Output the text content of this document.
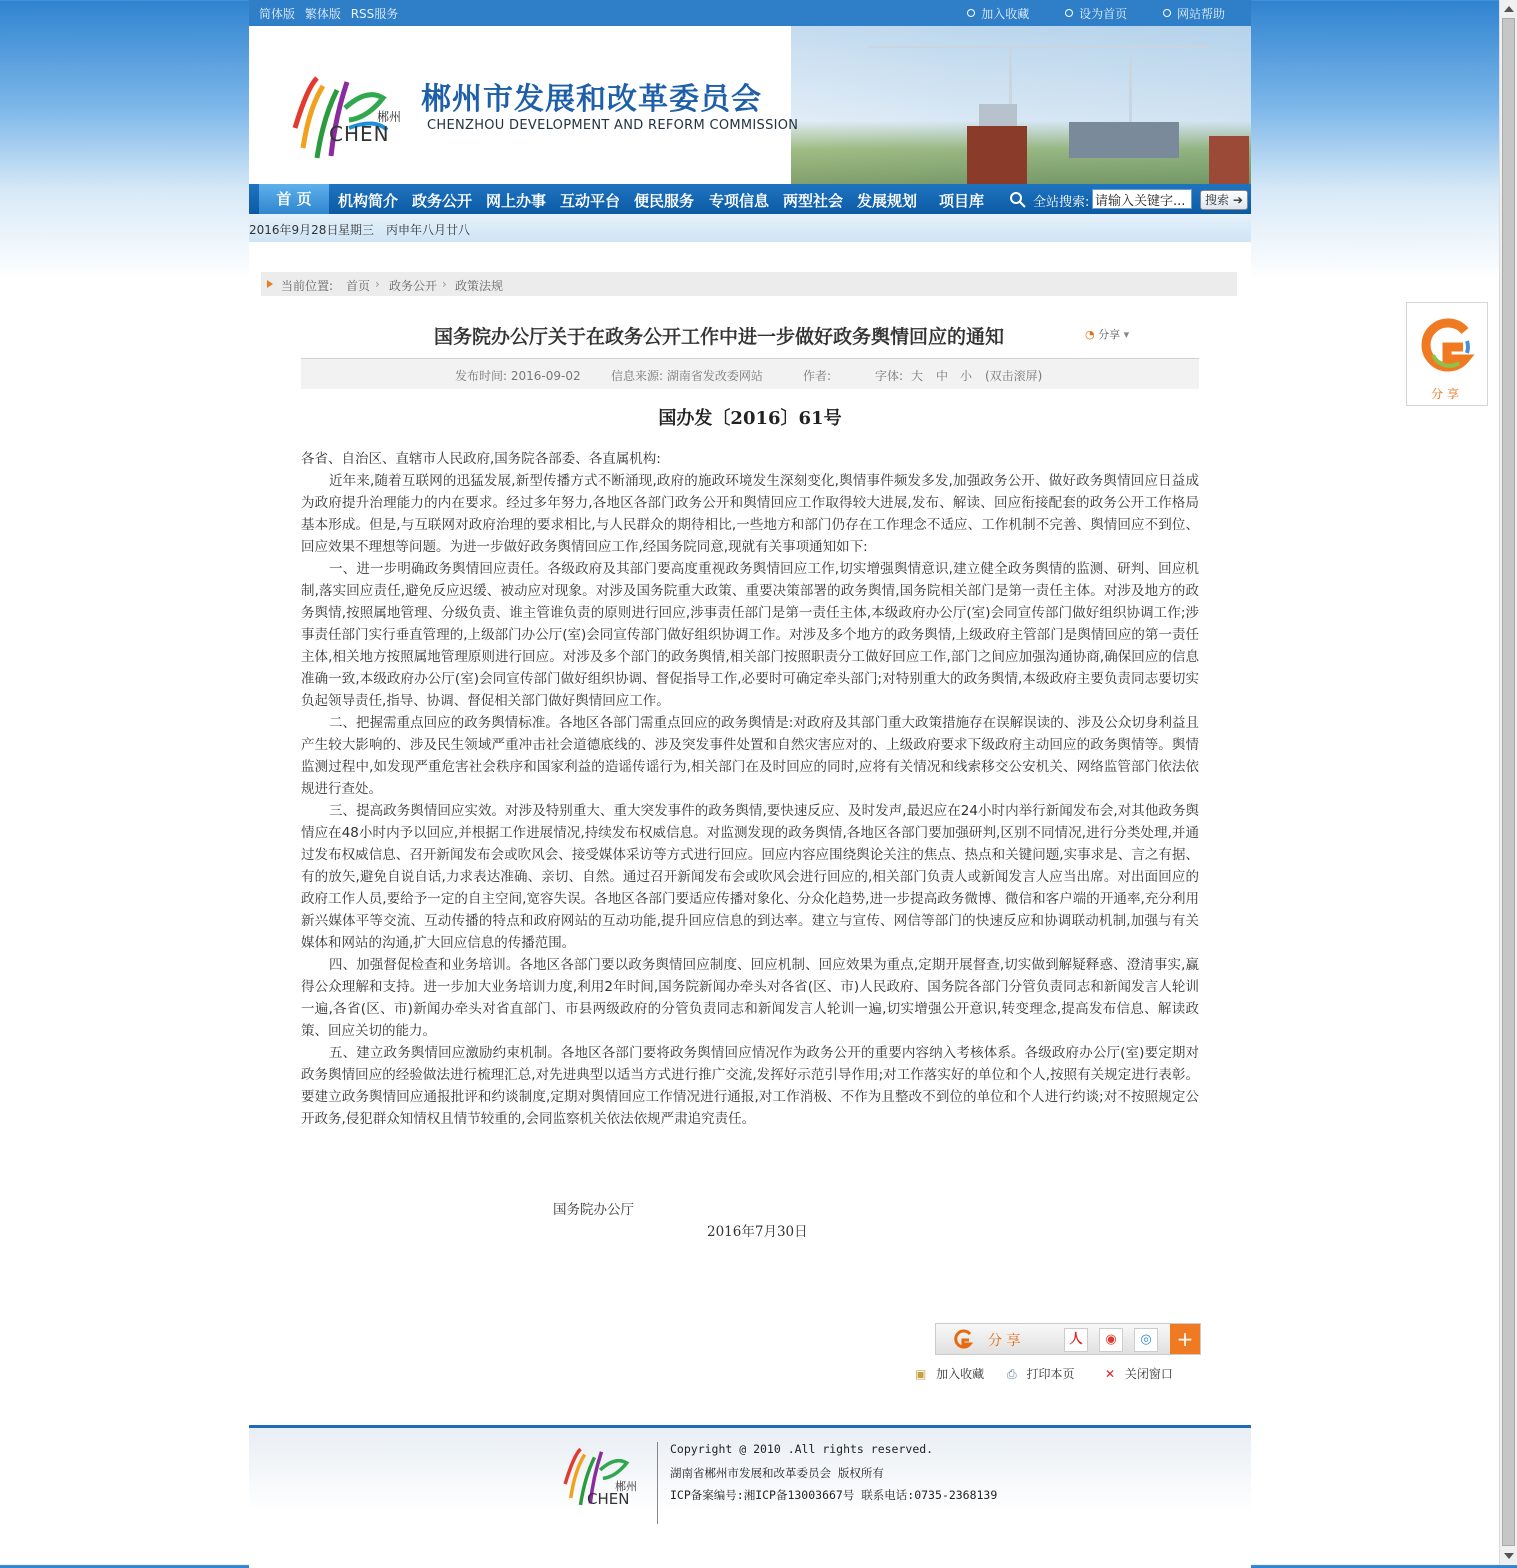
简体版 繁体版 RSS服务	加入收藏	设为首页	网站帮助
郴州
CHEN
郴州市发展和改革委员会
CHENZHOU DEVELOPMENT AND REFORM COMMISSION
首 页	机构简介 政务公开 网上办事 互动平台 便民服务 专项信息 两型社会 发展规划 项目库	全站搜索:
请输入关键字...	搜索 ➔
2016年9月28日 星期三 丙申年八月廿八
当前位置: 首页 › 政务公开 › 政策法规
国务院办公厅关于在政务公开工作中进一步做好政务舆情回应的通知	◔ 分享 ▾
发布时间: 2016-09-02	信息来源: 湖南省发改委网站	作者:	字体: 大 中 小 (双击滚屏)
国办发〔2016〕61号

各省、自治区、直辖市人民政府,国务院各部委、各直属机构:

近年来,随着互联网的迅猛发展,新型传播方式不断涌现,政府的施政环境发生深刻变化,舆情事件频发多发,加强政务公开、做好政务舆情回应日益成为政府提升治理能力的内在要求。经过多年努力,各地区各部门政务公开和舆情回应工作取得较大进展,发布、解读、回应衔接配套的政务公开工作格局基本形成。但是,与互联网对政府治理的要求相比,与人民群众的期待相比,一些地方和部门仍存在工作理念不适应、工作机制不完善、舆情回应不到位、回应效果不理想等问题。为进一步做好政务舆情回应工作,经国务院同意,现就有关事项通知如下:

一、进一步明确政务舆情回应责任。各级政府及其部门要高度重视政务舆情回应工作,切实增强舆情意识,建立健全政务舆情的监测、研判、回应机制,落实回应责任,避免反应迟缓、被动应对现象。对涉及国务院重大政策、重要决策部署的政务舆情,国务院相关部门是第一责任主体。对涉及地方的政务舆情,按照属地管理、分级负责、谁主管谁负责的原则进行回应,涉事责任部门是第一责任主体,本级政府办公厅(室)会同宣传部门做好组织协调工作;涉事责任部门实行垂直管理的,上级部门办公厅(室)会同宣传部门做好组织协调工作。对涉及多个地方的政务舆情,上级政府主管部门是舆情回应的第一责任主体,相关地方按照属地管理原则进行回应。对涉及多个部门的政务舆情,相关部门按照职责分工做好回应工作,部门之间应加强沟通协商,确保回应的信息准确一致,本级政府办公厅(室)会同宣传部门做好组织协调、督促指导工作,必要时可确定牵头部门;对特别重大的政务舆情,本级政府主要负责同志要切实负起领导责任,指导、协调、督促相关部门做好舆情回应工作。

二、把握需重点回应的政务舆情标准。各地区各部门需重点回应的政务舆情是:对政府及其部门重大政策措施存在误解误读的、涉及公众切身利益且产生较大影响的、涉及民生领域严重冲击社会道德底线的、涉及突发事件处置和自然灾害应对的、上级政府要求下级政府主动回应的政务舆情等。舆情监测过程中,如发现严重危害社会秩序和国家利益的造谣传谣行为,相关部门在及时回应的同时,应将有关情况和线索移交公安机关、网络监管部门依法依规进行查处。

三、提高政务舆情回应实效。对涉及特别重大、重大突发事件的政务舆情,要快速反应、及时发声,最迟应在24小时内举行新闻发布会,对其他政务舆情应在48小时内予以回应,并根据工作进展情况,持续发布权威信息。对监测发现的政务舆情,各地区各部门要加强研判,区别不同情况,进行分类处理,并通过发布权威信息、召开新闻发布会或吹风会、接受媒体采访等方式进行回应。回应内容应围绕舆论关注的焦点、热点和关键问题,实事求是、言之有据、有的放矢,避免自说自话,力求表达准确、亲切、自然。通过召开新闻发布会或吹风会进行回应的,相关部门负责人或新闻发言人应当出席。对出面回应的政府工作人员,要给予一定的自主空间,宽容失误。各地区各部门要适应传播对象化、分众化趋势,进一步提高政务微博、微信和客户端的开通率,充分利用新兴媒体平等交流、互动传播的特点和政府网站的互动功能,提升回应信息的到达率。建立与宣传、网信等部门的快速反应和协调联动机制,加强与有关媒体和网站的沟通,扩大回应信息的传播范围。

四、加强督促检查和业务培训。各地区各部门要以政务舆情回应制度、回应机制、回应效果为重点,定期开展督查,切实做到解疑释惑、澄清事实,赢得公众理解和支持。进一步加大业务培训力度,利用2年时间,国务院新闻办牵头对各省(区、市)人民政府、国务院各部门分管负责同志和新闻发言人轮训一遍,各省(区、市)新闻办牵头对省直部门、市县两级政府的分管负责同志和新闻发言人轮训一遍,切实增强公开意识,转变理念,提高发布信息、解读政策、回应关切的能力。

五、建立政务舆情回应激励约束机制。各地区各部门要将政务舆情回应情况作为政务公开的重要内容纳入考核体系。各级政府办公厅(室)要定期对政务舆情回应的经验做法进行梳理汇总,对先进典型以适当方式进行推广交流,发挥好示范引导作用;对工作落实好的单位和个人,按照有关规定进行表彰。要建立政务舆情回应通报批评和约谈制度,定期对舆情回应工作情况进行通报,对工作消极、不作为且整改不到位的单位和个人进行约谈;对不按照规定公开政务,侵犯群众知情权且情节较重的,会同监察机关依法依规严肃追究责任。

国务院办公厅
2016年7月30日
分 享	人	◉	◎	+
▣ 加入收藏 ⎙ 打印本页	✕ 关闭窗口
郴州
CHEN
Copyright @ 2010 .All rights reserved.
湖南省郴州市发展和改革委员会 版权所有
ICP备案编号:湘ICP备13003667号 联系电话:0735-2368139
分享
